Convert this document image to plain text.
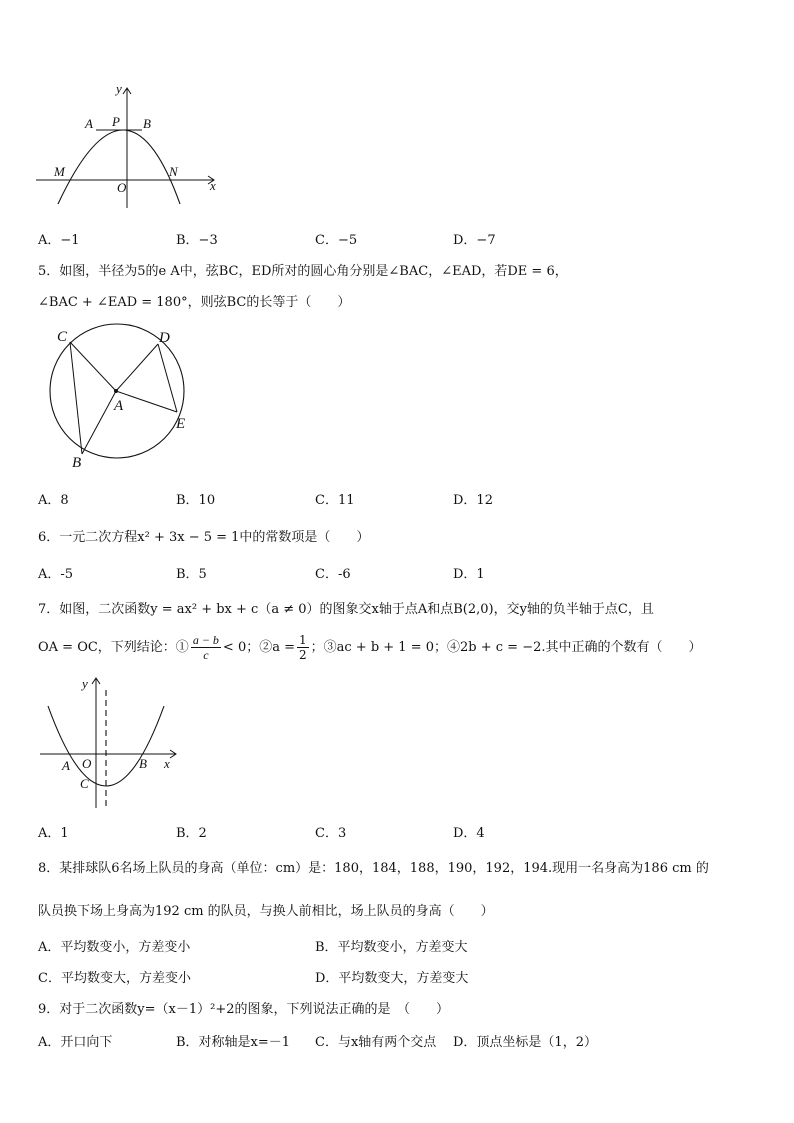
y
x
A P B
M	N
O
A．−1	B．−3	C．−5	D．−7
5．如图，半径为5的e A中，弦BC，ED所对的圆心角分别是∠BAC，∠EAD，若DE = 6，
∠BAC + ∠EAD = 180°，则弦BC的长等于（　　）
C	D
A
E
B
A．8	B．10	C．11	D．12
6．一元二次方程x² + 3x − 5 = 1中的常数项是（　　）
A．-5	B．5	C．-6	D．1
7．如图，二次函数y = ax² + bx + c（a ≠ 0）的图象交x轴于点A和点B(2,0)，交y轴的负半轴于点C，且
OA = OC，下列结论：① $\frac{a - b}{c} < 0$；②a = $\frac{1}{2}$ ；③ac + b + 1 = 0；④2b + c = −2.其中正确的个数有（　　）
y
x
A O	B
C
A．1	B．2	C．3	D．4
8．某排球队6名场上队员的身高（单位：cm）是：180，184，188，190，192，194.现用一名身高为186 cm 的
队员换下场上身高为192 cm 的队员，与换人前相比，场上队员的身高（　　）
A．平均数变小，方差变小	B．平均数变小，方差变大
C．平均数变大，方差变小	D．平均数变大，方差变大
9．对于二次函数y=（x－1）²+2的图象，下列说法正确的是　（　　）
A．开口向下	B．对称轴是x=－1 C．与x轴有两个交点 D．顶点坐标是（1，2）
